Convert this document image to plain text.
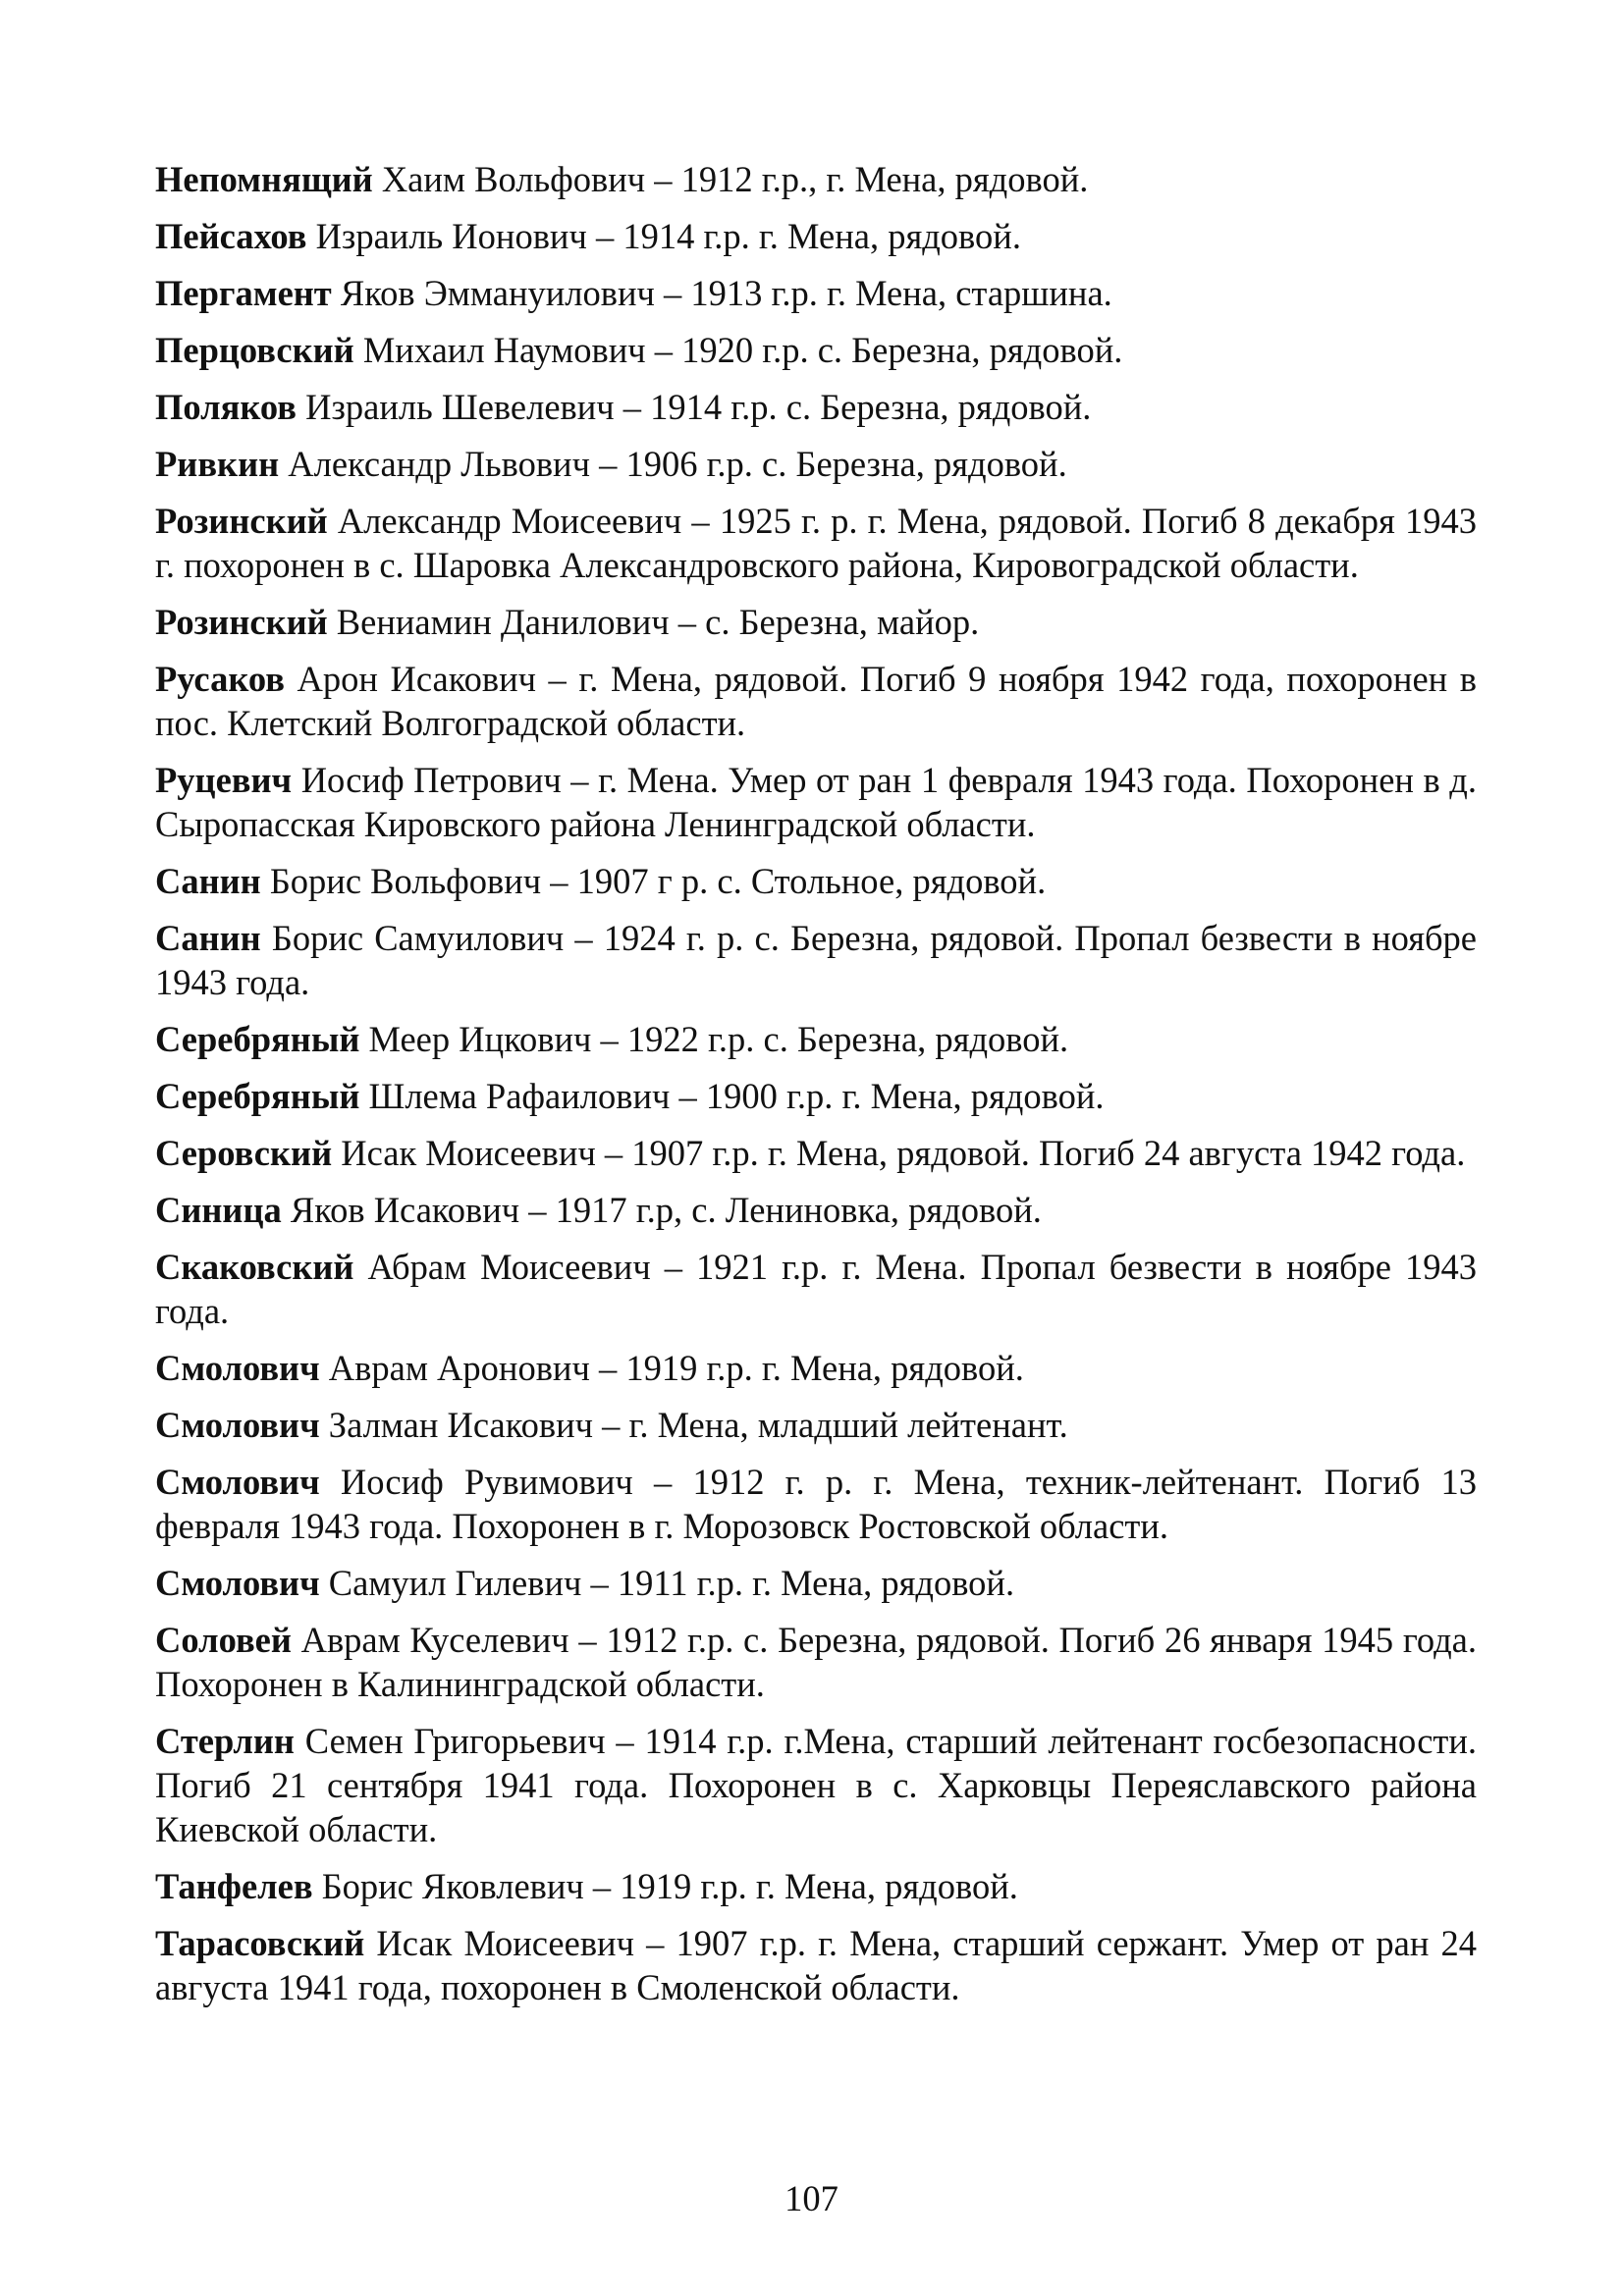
Непомнящий Хаим Вольфович – 1912 г.р., г. Мена, рядовой.
Пейсахов Израиль Ионович – 1914 г.р. г. Мена, рядовой.
Пергамент Яков Эммануилович – 1913 г.р. г. Мена, старшина.
Перцовский Михаил Наумович – 1920 г.р. с. Березна, рядовой.
Поляков Израиль Шевелевич – 1914 г.р. с. Березна, рядовой.
Ривкин Александр Львович – 1906 г.р. с. Березна, рядовой.
Розинский Александр Моисеевич – 1925 г. р. г. Мена, рядовой. Погиб 8 декабря 1943 г. похоронен в с. Шаровка Александровского района, Кировоградской области.
Розинский Вениамин Данилович – с. Березна, майор.
Русаков Арон Исакович – г. Мена, рядовой. Погиб 9 ноября 1942 года, похоронен в пос. Клетский Волгоградской области.
Руцевич Иосиф Петрович – г. Мена. Умер от ран 1 февраля 1943 года. Похоронен в д. Сыропасская Кировского района Ленинградской области.
Санин Борис Вольфович – 1907 г р. с. Стольное, рядовой.
Санин Борис Самуилович – 1924 г. р. с. Березна, рядовой. Пропал безвести в ноябре 1943 года.
Серебряный Меер Ицкович – 1922 г.р. с. Березна, рядовой.
Серебряный Шлема Рафаилович – 1900 г.р. г. Мена, рядовой.
Серовский Исак Моисеевич – 1907 г.р. г. Мена, рядовой. Погиб 24 августа 1942 года.
Синица Яков Исакович – 1917 г.р, с. Лениновка, рядовой.
Скаковский Абрам Моисеевич – 1921 г.р. г. Мена. Пропал безвести в ноябре 1943 года.
Смолович Аврам Аронович – 1919 г.р. г. Мена, рядовой.
Смолович Залман Исакович – г. Мена, младший лейтенант.
Смолович Иосиф Рувимович – 1912 г. р. г. Мена, техник-лейтенант. Погиб 13 февраля 1943 года. Похоронен в г. Морозовск Ростовской области.
Смолович Самуил Гилевич – 1911 г.р. г. Мена, рядовой.
Соловей Аврам Куселевич – 1912 г.р. с. Березна, рядовой. Погиб 26 января 1945 года. Похоронен в Калининградской области.
Стерлин Семен Григорьевич – 1914 г.р. г.Мена, старший лейтенант госбезопасности. Погиб 21 сентября 1941 года. Похоронен в с. Харковцы Переяславского района Киевской области.
Танфелев Борис Яковлевич – 1919 г.р. г. Мена, рядовой.
Тарасовский Исак Моисеевич – 1907 г.р. г. Мена, старший сержант. Умер от ран 24 августа 1941 года, похоронен в Смоленской области.
107
